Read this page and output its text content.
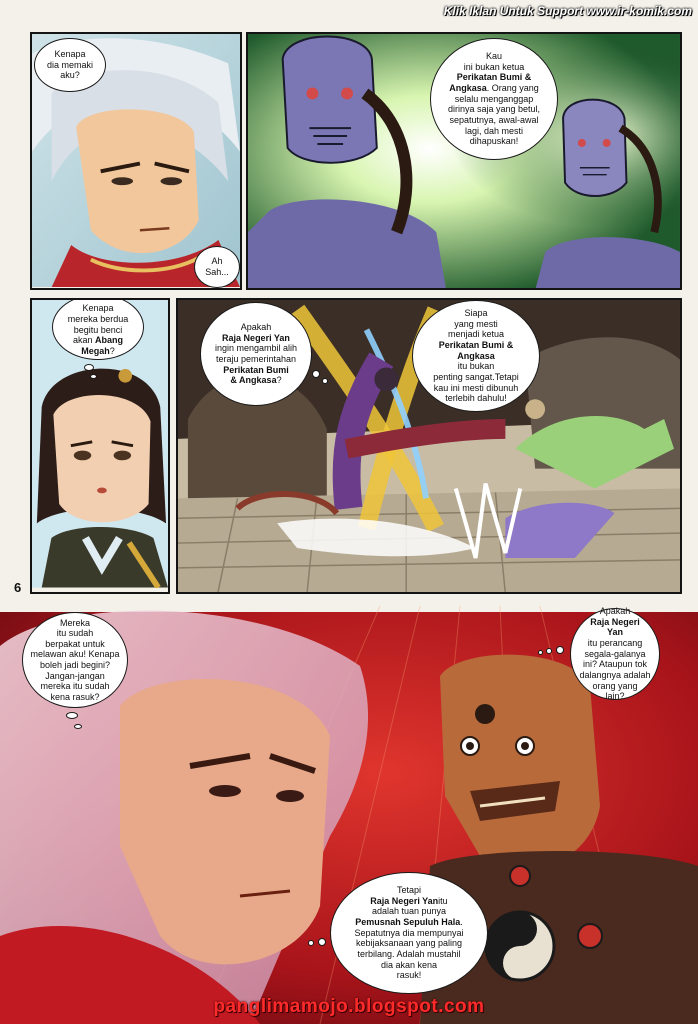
Klik Iklan Untuk Support www.ir-komik.com
Kenapa
dia memaki
aku?
Ah
Sah...
Kau
ini bukan ketua
Perikatan Bumi &
Angkasa. Orang yang selalu menganggap dirinya saja yang betul, sepatutnya, awal-awal lagi, dah mesti dihapuskan!
Kenapa
mereka berdua
begitu benci
akan Abang
Megah?
Apakah
Raja Negeri Yan
ingin mengambil alih
teraju pemerintahan
Perikatan Bumi
& Angkasa?
Siapa
yang mesti
menjadi ketua
Perikatan Bumi &
Angkasa
itu bukan
penting sangat.Tetapi
kau ini mesti dibunuh
terlebih dahulu!
6
Mereka
itu sudah
berpakat untuk
melawan aku! Kenapa
boleh jadi begini?
Jangan-jangan
mereka itu sudah
kena rasuk?
Apakah
Raja Negeri
Yan
itu perancang
segala-galanya
ini? Ataupun tok
dalangnya adalah
orang yang
lain?
Tetapi
Raja Negeri Yanitu
adalah tuan punya
Pemusnah Sepuluh Hala.
Sepatutnya dia mempunyai
kebijaksanaan yang paling
terbilang. Adalah mustahil
dia akan kena
rasuk!
panglimamojo.blogspot.com
